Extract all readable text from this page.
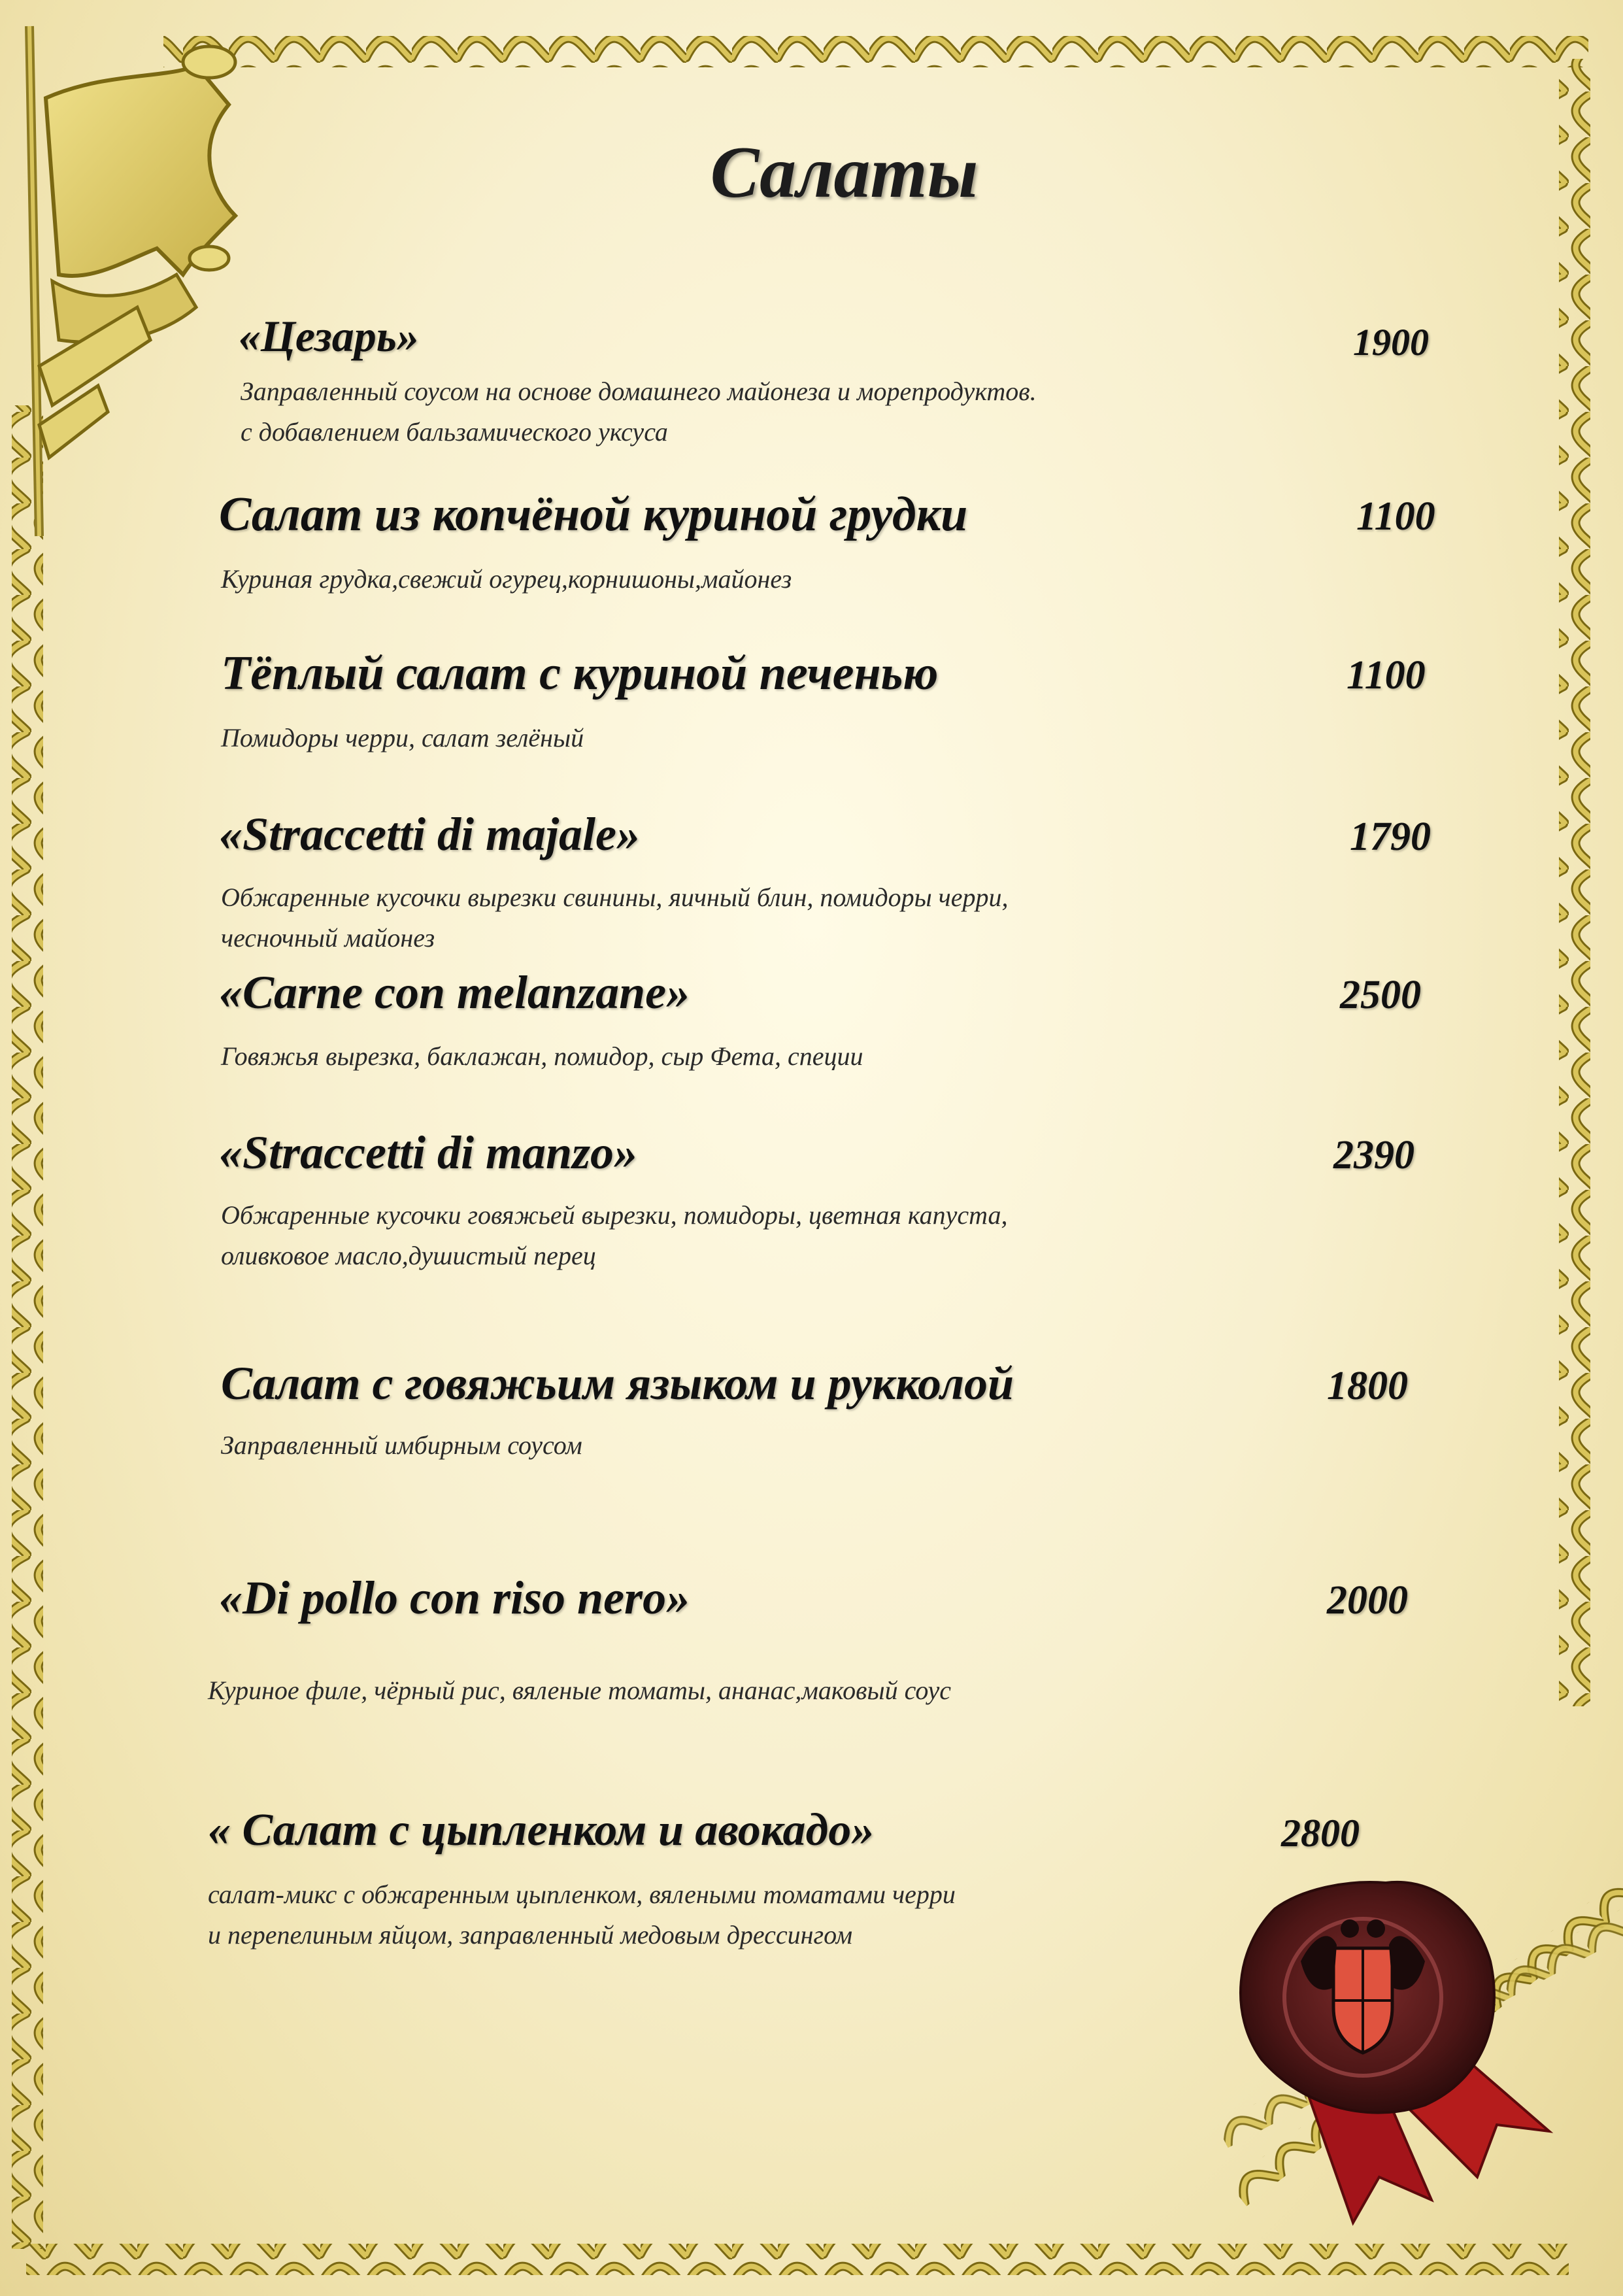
Салаты
«Цезарь»	1900
Заправленный соусом на основе домашнего майонеза и морепродуктов.
с добавлением бальзамического уксуса
Салат из копчёной куриной грудки	1100
Куриная грудка,свежий огурец,корнишоны,майонез
Тёплый салат с куриной печенью	1100
Помидоры черри, салат зелёный
«Straccetti di majale»	1790
Обжаренные кусочки вырезки свинины, яичный блин, помидоры черри,
чесночный майонез
«Carne con melanzane»	2500
Говяжья вырезка, баклажан, помидор, сыр Фета, специи
«Straccetti di manzo»	2390
Обжаренные кусочки говяжьей вырезки, помидоры, цветная капуста,
оливковое масло,душистый перец
Салат с говяжьим языком и рукколой	1800
Заправленный имбирным соусом
«Di pollo con riso nero»	2000
Куриное филе, чёрный рис, вяленые томаты, ананас,маковый соус
« Салат с цыпленком и авокадо»	2800
салат-микс с обжаренным цыпленком, вялеными томатами черри
и перепелиным яйцом, заправленный медовым дрессингом
